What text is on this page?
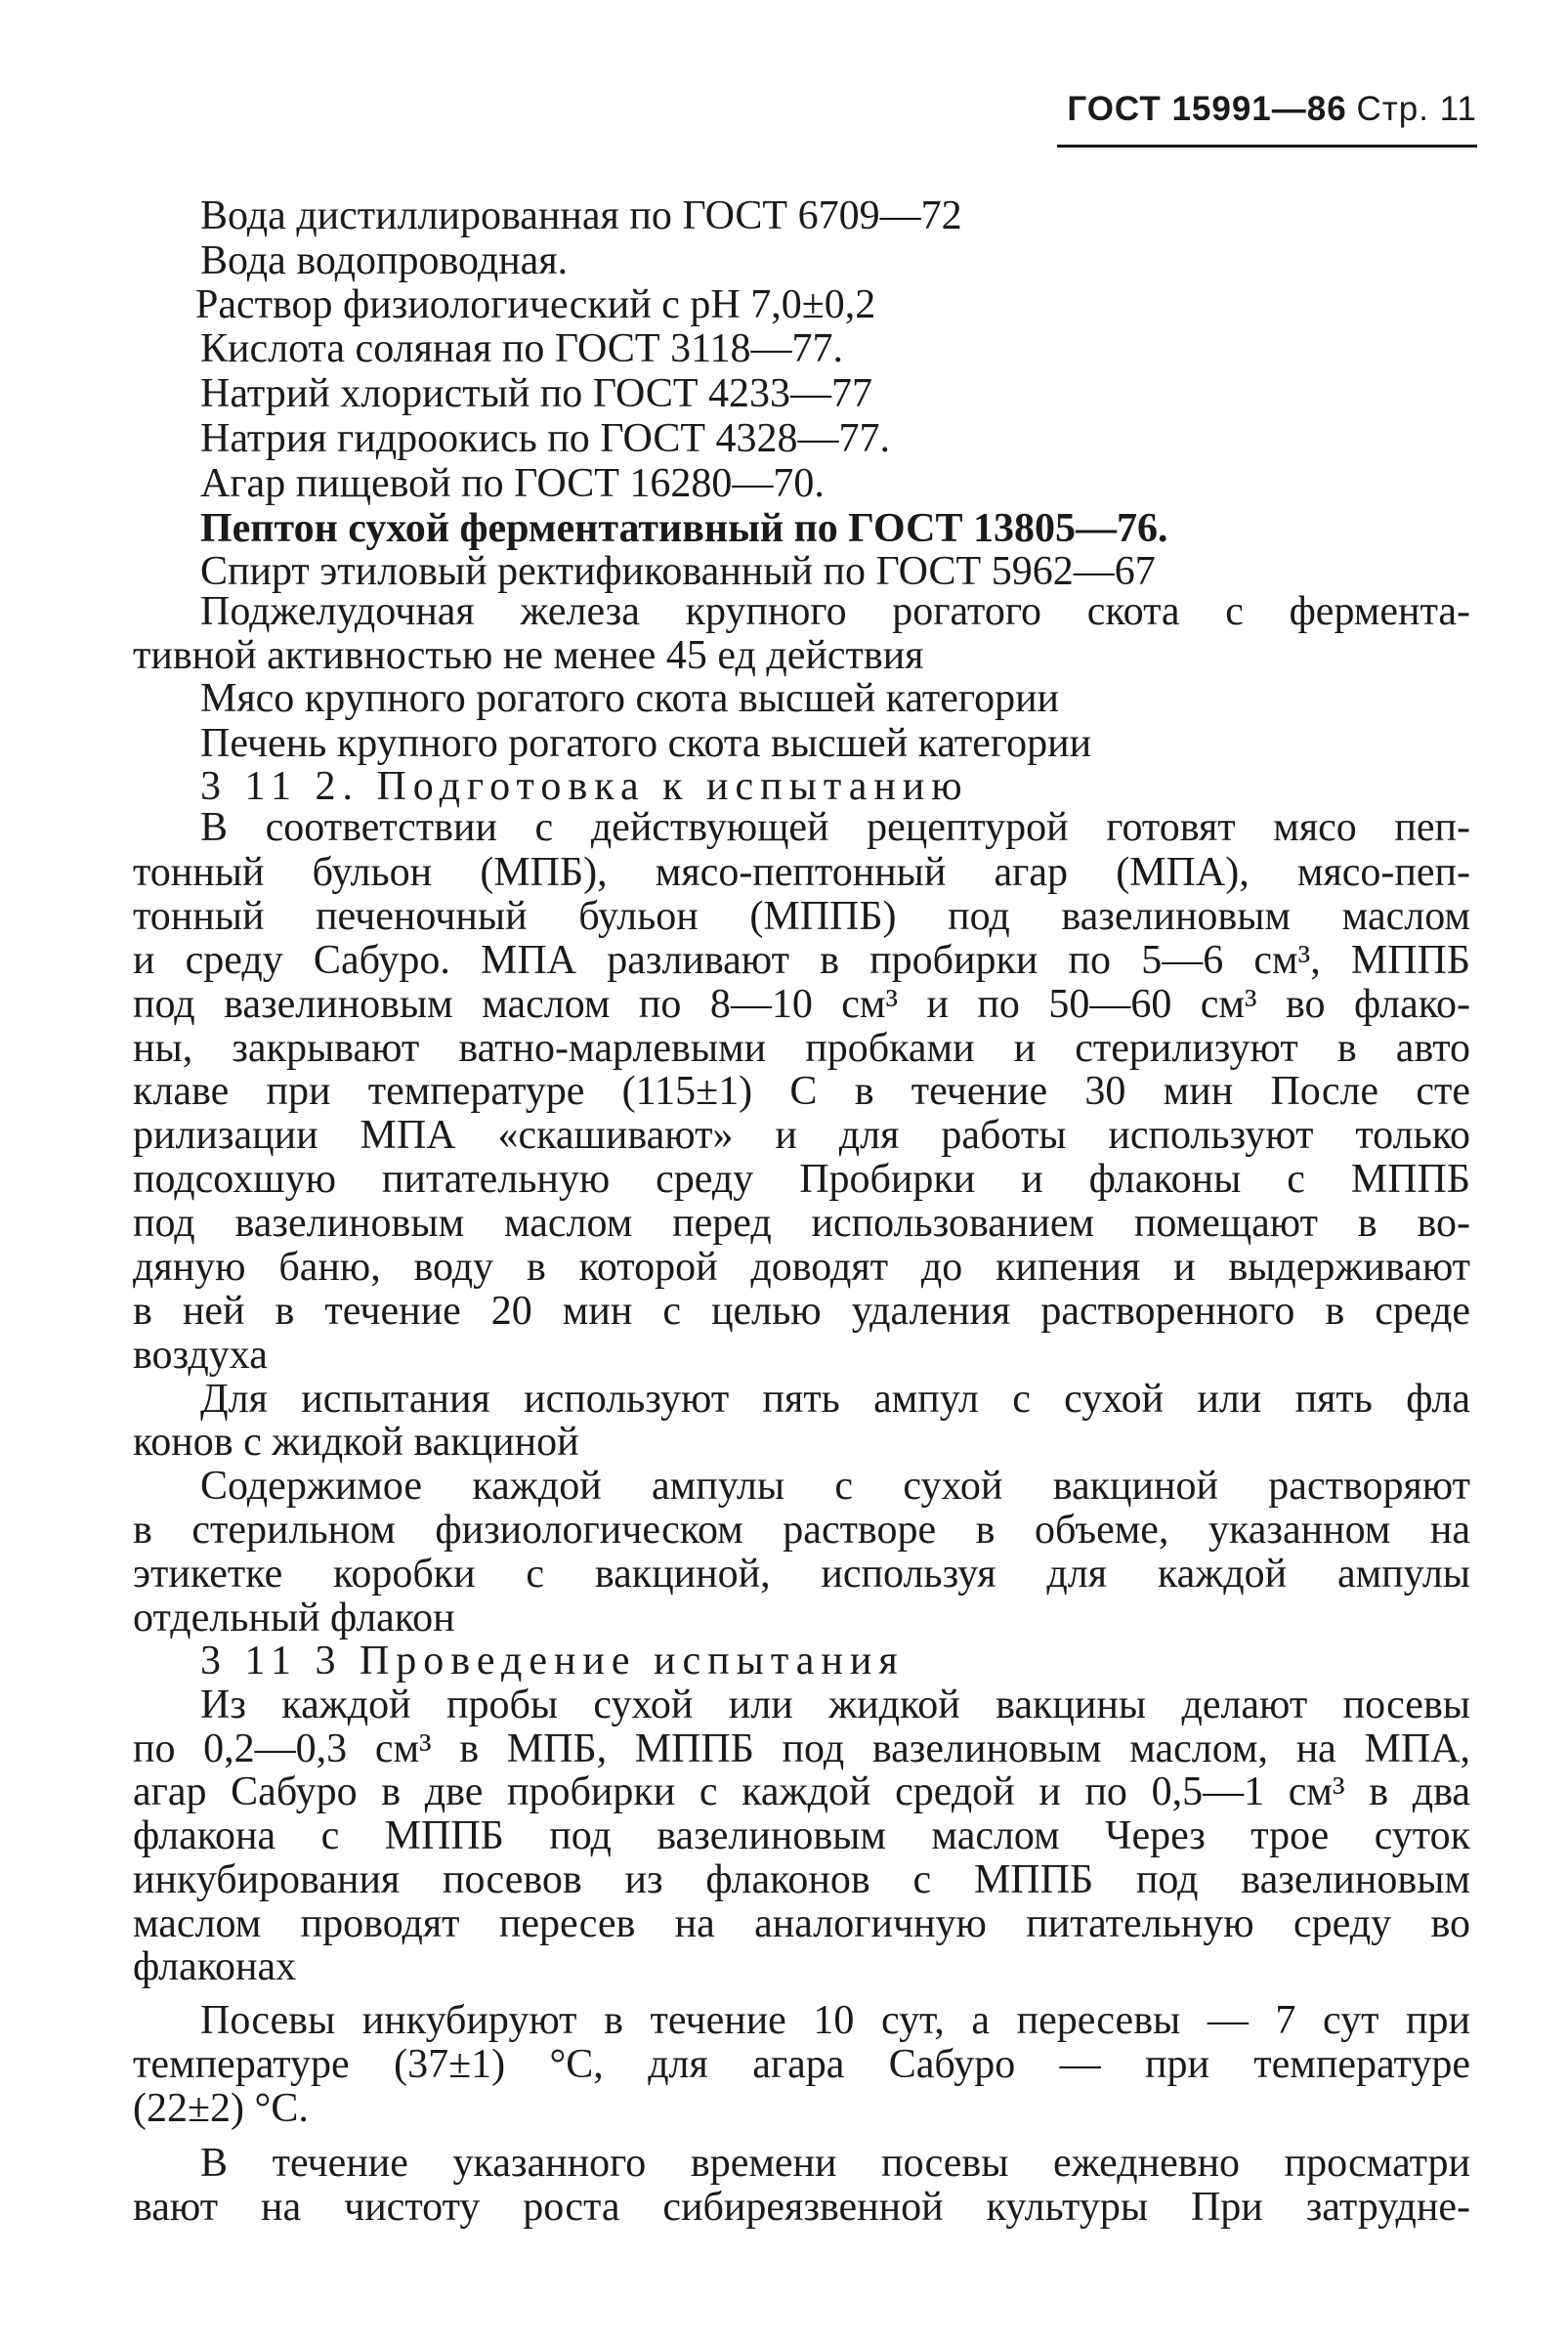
ГОСТ 15991—86 Стр. 11
Вода дистиллированная по ГОСТ 6709—72
Вода водопроводная.
Раствор физиологический с pH 7,0±0,2
Кислота соляная по ГОСТ 3118—77.
Натрий хлористый по ГОСТ 4233—77
Натрия гидроокись по ГОСТ 4328—77.
Агар пищевой по ГОСТ 16280—70.
Пептон сухой ферментативный по ГОСТ 13805—76.
Спирт этиловый ректификованный по ГОСТ 5962—67
Поджелудочная железа крупного рогатого скота с фермента-
тивной активностью не менее 45 ед действия
Мясо крупного рогатого скота высшей категории
Печень крупного рогатого скота высшей категории
3 11 2. Подготовка к испытанию
В соответствии с действующей рецептурой готовят мясо пеп-
тонный бульон (МПБ), мясо-пептонный агар (МПА), мясо-пеп-
тонный печеночный бульон (МППБ) под вазелиновым маслом
и среду Сабуро. МПА разливают в пробирки по 5—6 см³, МППБ
под вазелиновым маслом по 8—10 см³ и по 50—60 см³ во флако-
ны, закрывают ватно-марлевыми пробками и стерилизуют в авто
клаве при температуре (115±1) С в течение 30 мин После сте
рилизации МПА «скашивают» и для работы используют только
подсохшую питательную среду Пробирки и флаконы с МППБ
под вазелиновым маслом перед использованием помещают в во-
дяную баню, воду в которой доводят до кипения и выдерживают
в ней в течение 20 мин с целью удаления растворенного в среде
воздуха
Для испытания используют пять ампул с сухой или пять фла
конов с жидкой вакциной
Содержимое каждой ампулы с сухой вакциной растворяют
в стерильном физиологическом растворе в объеме, указанном на
этикетке коробки с вакциной, используя для каждой ампулы
отдельный флакон
3 11 3 Проведение испытания
Из каждой пробы сухой или жидкой вакцины делают посевы
по 0,2—0,3 см³ в МПБ, МППБ под вазелиновым маслом, на МПА,
агар Сабуро в две пробирки с каждой средой и по 0,5—1 см³ в два
флакона с МППБ под вазелиновым маслом Через трое суток
инкубирования посевов из флаконов с МППБ под вазелиновым
маслом проводят пересев на аналогичную питательную среду во
флаконах
Посевы инкубируют в течение 10 сут, а пересевы — 7 сут при
температуре (37±1) °С, для агара Сабуро — при температуре
(22±2) °С.
В течение указанного времени посевы ежедневно просматри
вают на чистоту роста сибиреязвенной культуры При затрудне-
